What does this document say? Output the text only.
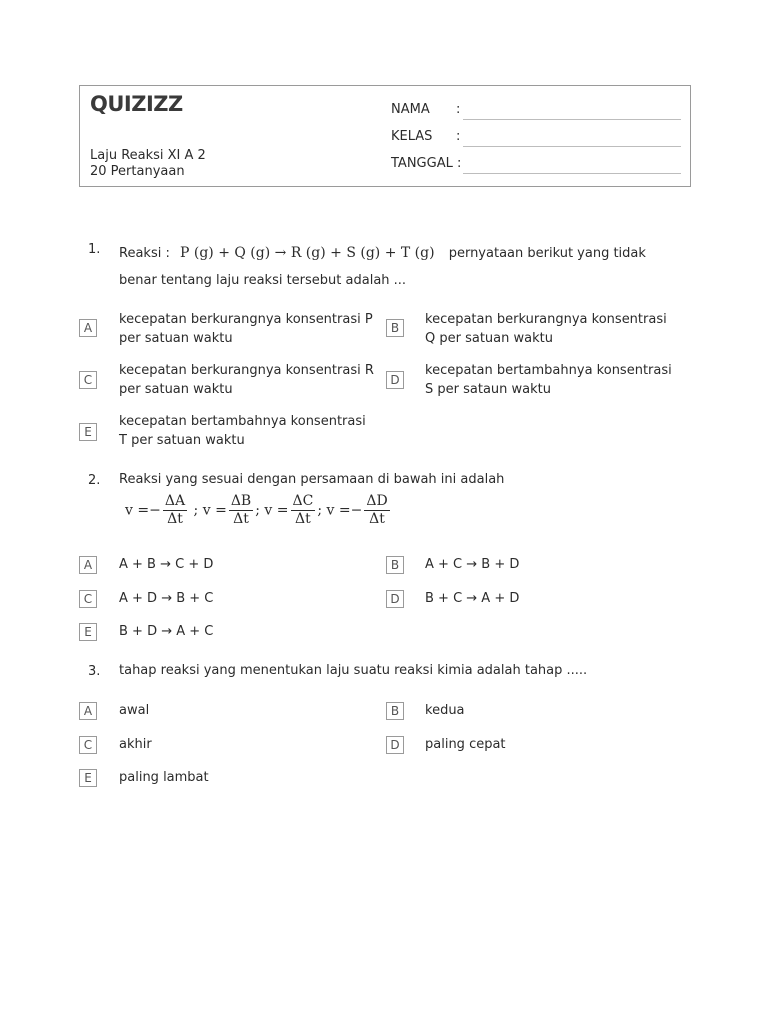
QUIZIZZ
Laju Reaksi XI A 2
20 Pertanyaan
NAMA :
KELAS :
TANGGAL :
1. Reaksi : P (g) + Q (g) → R (g) + S (g) + T (g) pernyataan berikut yang tidak
benar tentang laju reaksi tersebut adalah ...
A
kecepatan berkurangnya konsentrasi P per satuan waktu
B
kecepatan berkurangnya konsentrasi Q per satuan waktu
C
kecepatan berkurangnya konsentrasi R per satuan waktu
D
kecepatan bertambahnya konsentrasi S per sataun waktu
E
kecepatan bertambahnya konsentrasi T per satuan waktu
2. Reaksi yang sesuai dengan persamaan di bawah ini adalah
$v =- \frac{\Delta A}{\Delta t}$ ; $v = \frac{\Delta B}{\Delta t}$ ; $v = \frac{\Delta C}{\Delta t}$ ; $v =- \frac{\Delta D}{\Delta t}$
A	A + B → C + D	B	A + C → B + D
C	A + D → B + C	D	B + C → A + D
E	B + D → A + C
3. tahap reaksi yang menentukan laju suatu reaksi kimia adalah tahap .....
A	awal	B	kedua
C	akhir	D	paling cepat
E	paling lambat
